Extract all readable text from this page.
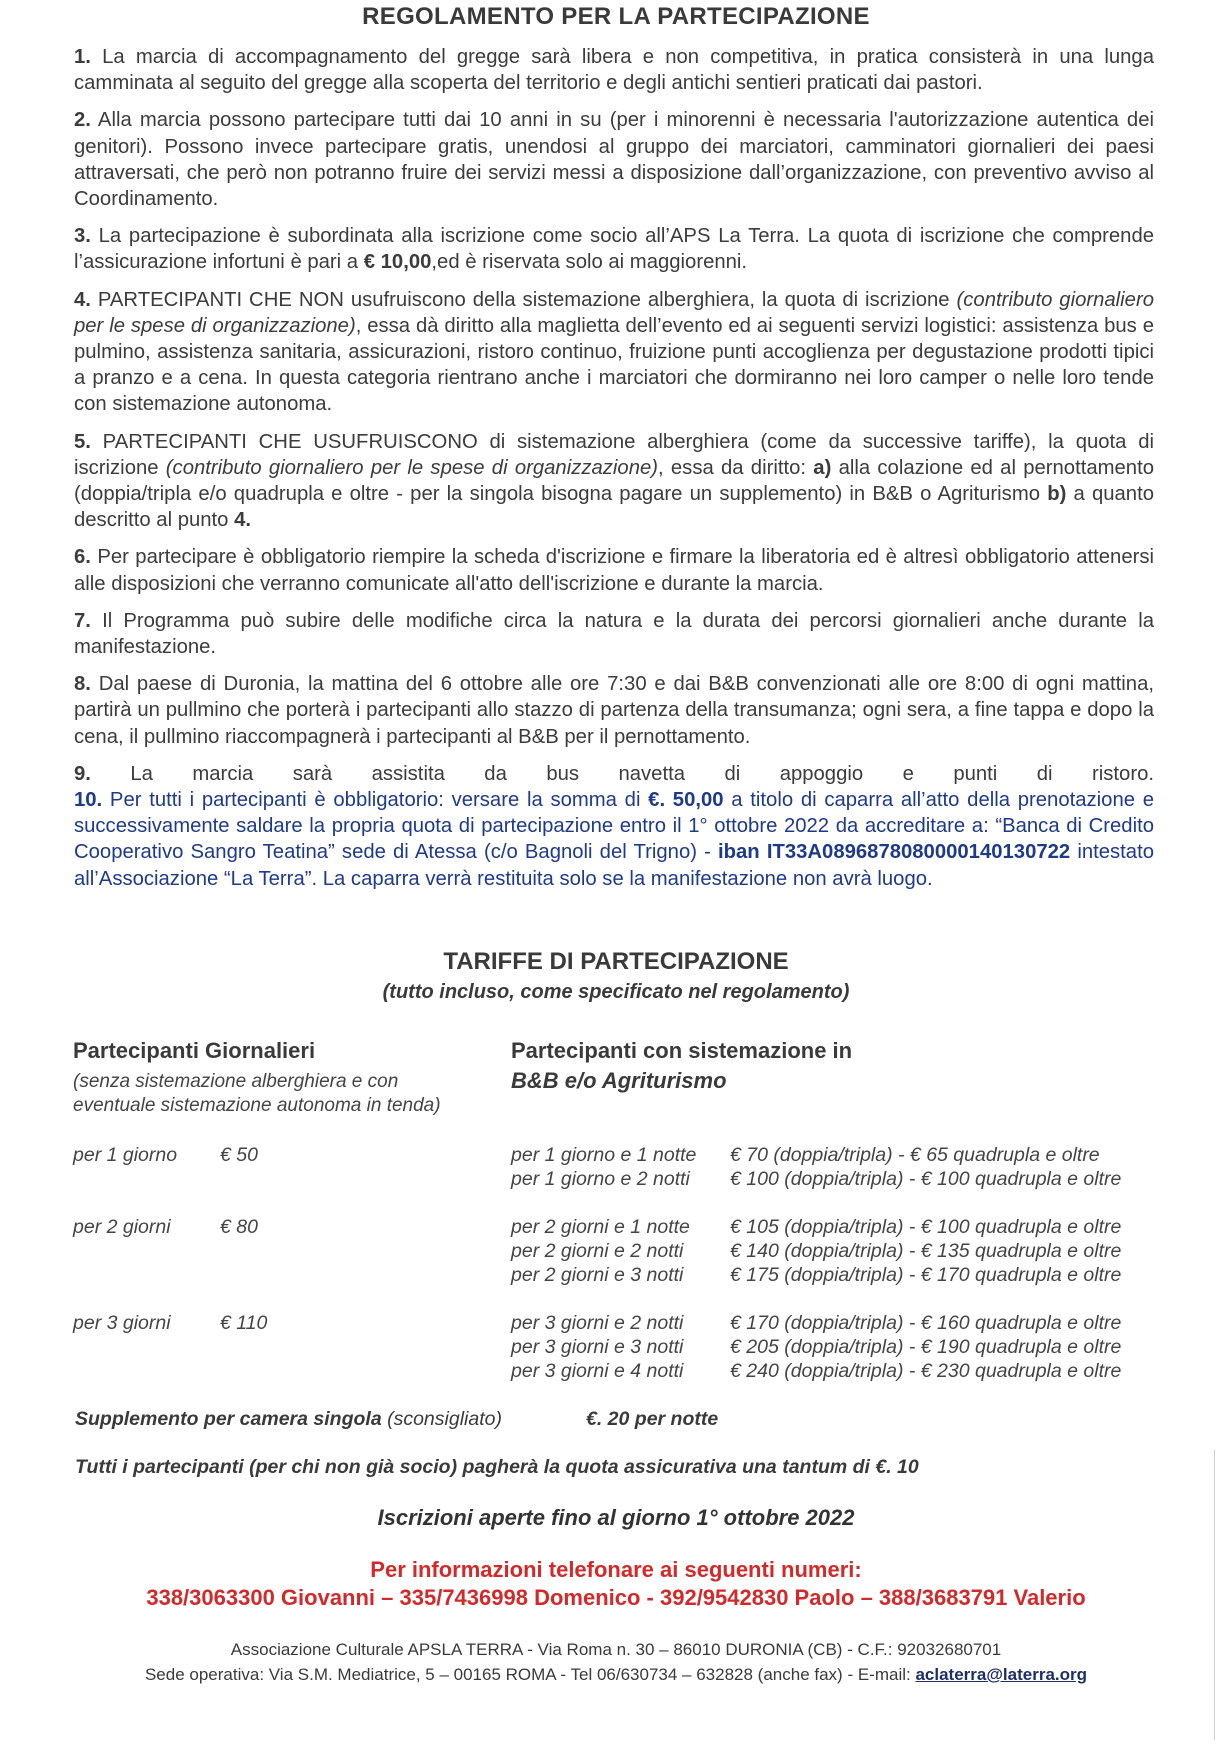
REGOLAMENTO PER LA PARTECIPAZIONE

1. La marcia di accompagnamento del gregge sarà libera e non competitiva, in pratica consisterà in una lunga camminata al seguito del gregge alla scoperta del territorio e degli antichi sentieri praticati dai pastori.

2. Alla marcia possono partecipare tutti dai 10 anni in su (per i minorenni è necessaria l'autorizzazione autentica dei genitori). Possono invece partecipare gratis, unendosi al gruppo dei marciatori, camminatori giornalieri dei paesi attraversati, che però non potranno fruire dei servizi messi a disposizione dall’organizzazione, con preventivo avviso al Coordinamento.

3. La partecipazione è subordinata alla iscrizione come socio all’APS La Terra. La quota di iscrizione che comprende l’assicurazione infortuni è pari a € 10,00,ed è riservata solo ai maggiorenni.

4. PARTECIPANTI CHE NON usufruiscono della sistemazione alberghiera, la quota di iscrizione (contributo giornaliero per le spese di organizzazione), essa dà diritto alla maglietta dell’evento ed ai seguenti servizi logistici: assistenza bus e pulmino, assistenza sanitaria, assicurazioni, ristoro continuo, fruizione punti accoglienza per degustazione prodotti tipici a pranzo e a cena. In questa categoria rientrano anche i marciatori che dormiranno nei loro camper o nelle loro tende con sistemazione autonoma.

5. PARTECIPANTI CHE USUFRUISCONO di sistemazione alberghiera (come da successive tariffe), la quota di iscrizione (contributo giornaliero per le spese di organizzazione), essa da diritto: a) alla colazione ed al pernottamento (doppia/tripla e/o quadrupla e oltre - per la singola bisogna pagare un supplemento) in B&B o Agriturismo b) a quanto descritto al punto 4.

6. Per partecipare è obbligatorio riempire la scheda d'iscrizione e firmare la liberatoria ed è altresì obbligatorio attenersi alle disposizioni che verranno comunicate all'atto dell'iscrizione e durante la marcia.

7. Il Programma può subire delle modifiche circa la natura e la durata dei percorsi giornalieri anche durante la manifestazione.

8. Dal paese di Duronia, la mattina del 6 ottobre alle ore 7:30 e dai B&B convenzionati alle ore 8:00 di ogni mattina, partirà un pullmino che porterà i partecipanti allo stazzo di partenza della transumanza; ogni sera, a fine tappa e dopo la cena, il pullmino riaccompagnerà i partecipanti al B&B per il pernottamento.

9. La marcia sarà assistita da bus navetta di appoggio e punti di ristoro.

10. Per tutti i partecipanti è obbligatorio: versare la somma di €. 50,00 a titolo di caparra all’atto della prenotazione e successivamente saldare la propria quota di partecipazione entro il 1° ottobre 2022 da accreditare a: “Banca di Credito Cooperativo Sangro Teatina” sede di Atessa (c/o Bagnoli del Trigno) - iban IT33A0896878080000140130722 intestato all’Associazione “La Terra”. La caparra verrà restituita solo se la manifestazione non avrà luogo.

TARIFFE DI PARTECIPAZIONE
(tutto incluso, come specificato nel regolamento)
Partecipanti Giornalieri
(senza sistemazione alberghiera e con
eventuale sistemazione autonoma in tenda)
Partecipanti con sistemazione in
B&B e/o Agriturismo
per 1 giorno € 50
per 2 giorni	€ 80
per 3 giorni	€ 110
per 1 giorno e 1 notte € 70 (doppia/tripla) - € 65 quadrupla e oltre
per 1 giorno e 2 notti € 100 (doppia/tripla) - € 100 quadrupla e oltre
per 2 giorni e 1 notte € 105 (doppia/tripla) - € 100 quadrupla e oltre
per 2 giorni e 2 notti € 140 (doppia/tripla) - € 135 quadrupla e oltre
per 2 giorni e 3 notti € 175 (doppia/tripla) - € 170 quadrupla e oltre
per 3 giorni e 2 notti € 170 (doppia/tripla) - € 160 quadrupla e oltre
per 3 giorni e 3 notti € 205 (doppia/tripla) - € 190 quadrupla e oltre
per 3 giorni e 4 notti € 240 (doppia/tripla) - € 230 quadrupla e oltre
Supplemento per camera singola (sconsigliato)	€. 20 per notte
Tutti i partecipanti (per chi non già socio) pagherà la quota assicurativa una tantum di €. 10
Iscrizioni aperte fino al giorno 1° ottobre 2022
Per informazioni telefonare ai seguenti numeri:
338/3063300 Giovanni – 335/7436998 Domenico - 392/9542830 Paolo – 388/3683791 Valerio
Associazione Culturale APSLA TERRA - Via Roma n. 30 – 86010 DURONIA (CB) - C.F.: 92032680701
Sede operativa: Via S.M. Mediatrice, 5 – 00165 ROMA - Tel 06/630734 – 632828 (anche fax) - E-mail: aclaterra@laterra.org
